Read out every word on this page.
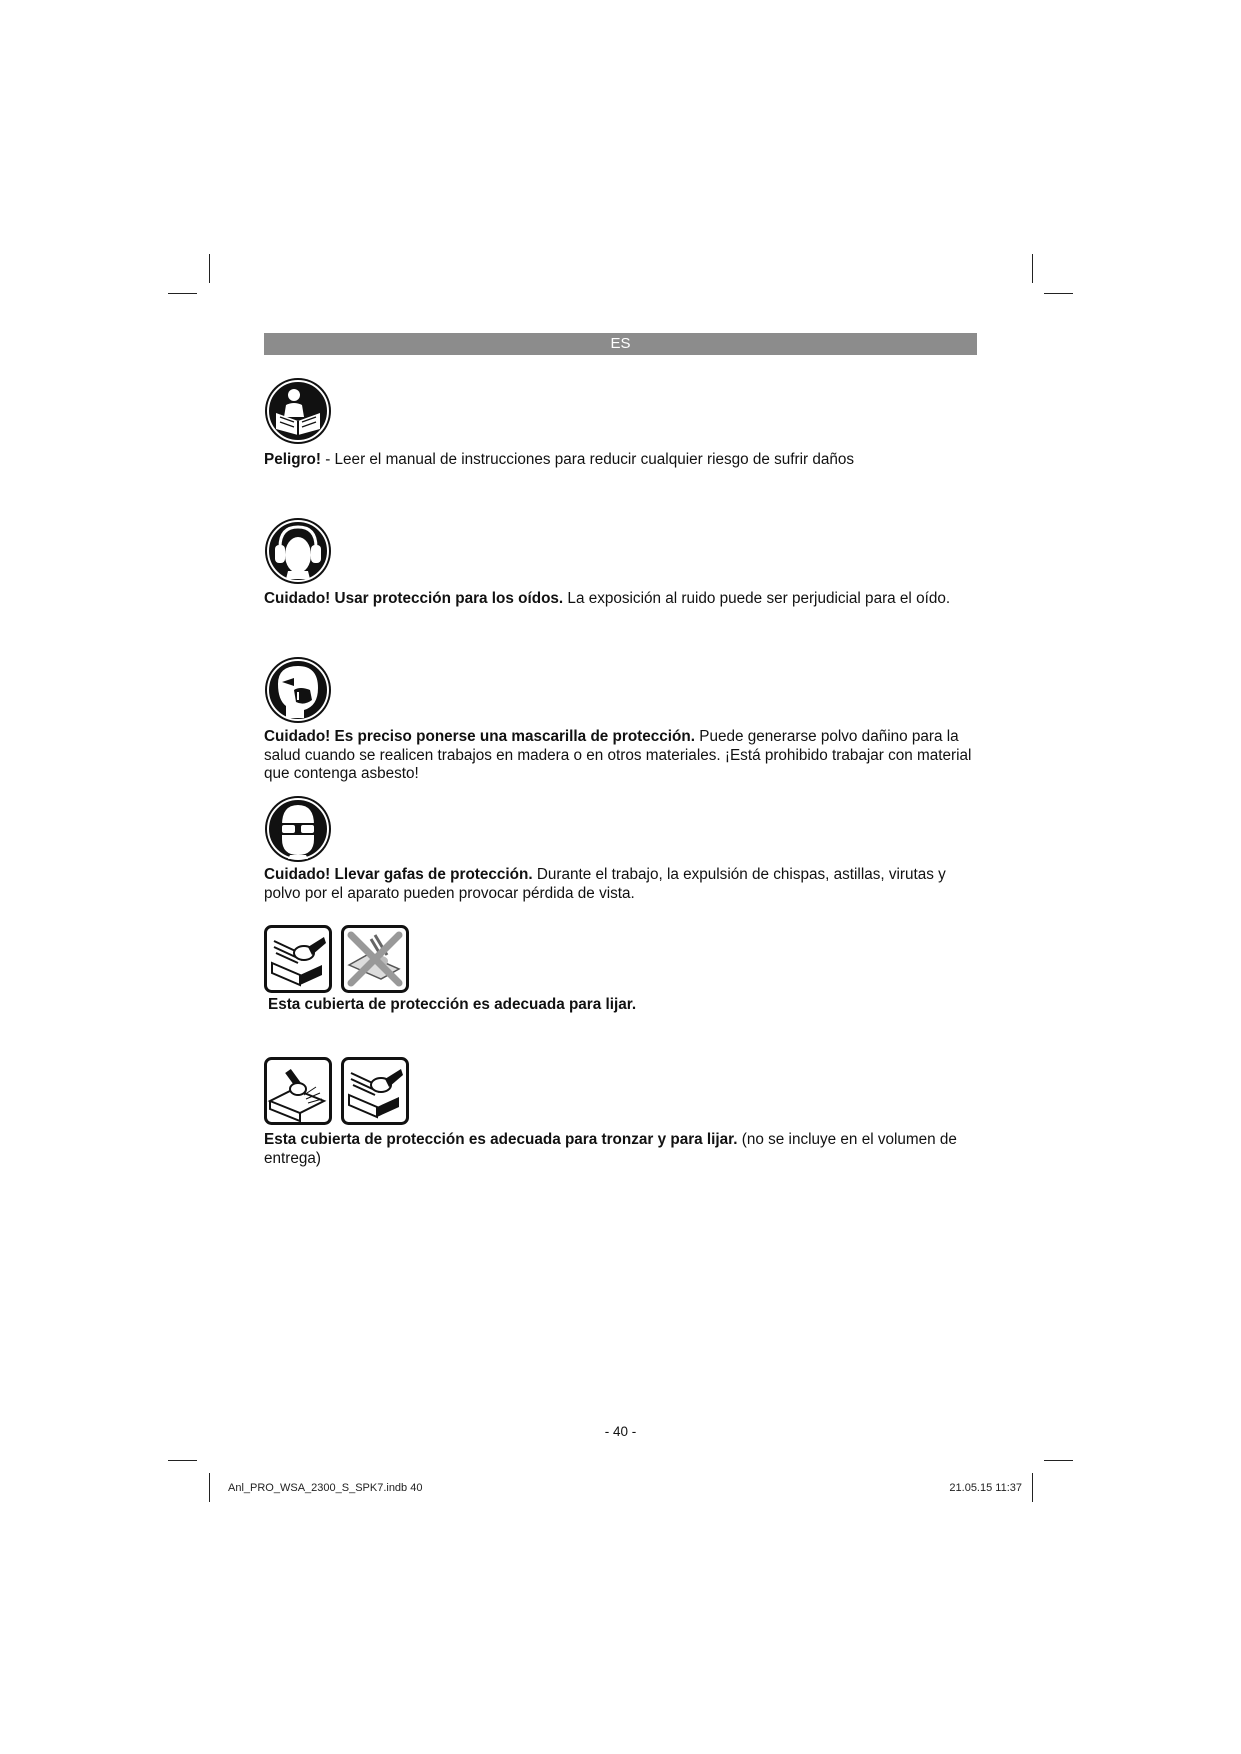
ES
Peligro! - Leer el manual de instrucciones para reducir cualquier riesgo de sufrir daños
Cuidado! Usar protección para los oídos. La exposición al ruido puede ser perjudicial para el oído.
Cuidado! Es preciso ponerse una mascarilla de protección. Puede generarse polvo dañino para la salud cuando se realicen trabajos en madera o en otros materiales. ¡Está prohibido trabajar con material que contenga asbesto!
Cuidado! Llevar gafas de protección. Durante el trabajo, la expulsión de chispas, astillas, virutas y polvo por el aparato pueden provocar pérdida de vista.
Esta cubierta de protección es adecuada para lijar.
Esta cubierta de protección es adecuada para tronzar y para lijar. (no se incluye en el volumen de entrega)
- 40 -
Anl_PRO_WSA_2300_S_SPK7.indb 40	21.05.15 11:37
